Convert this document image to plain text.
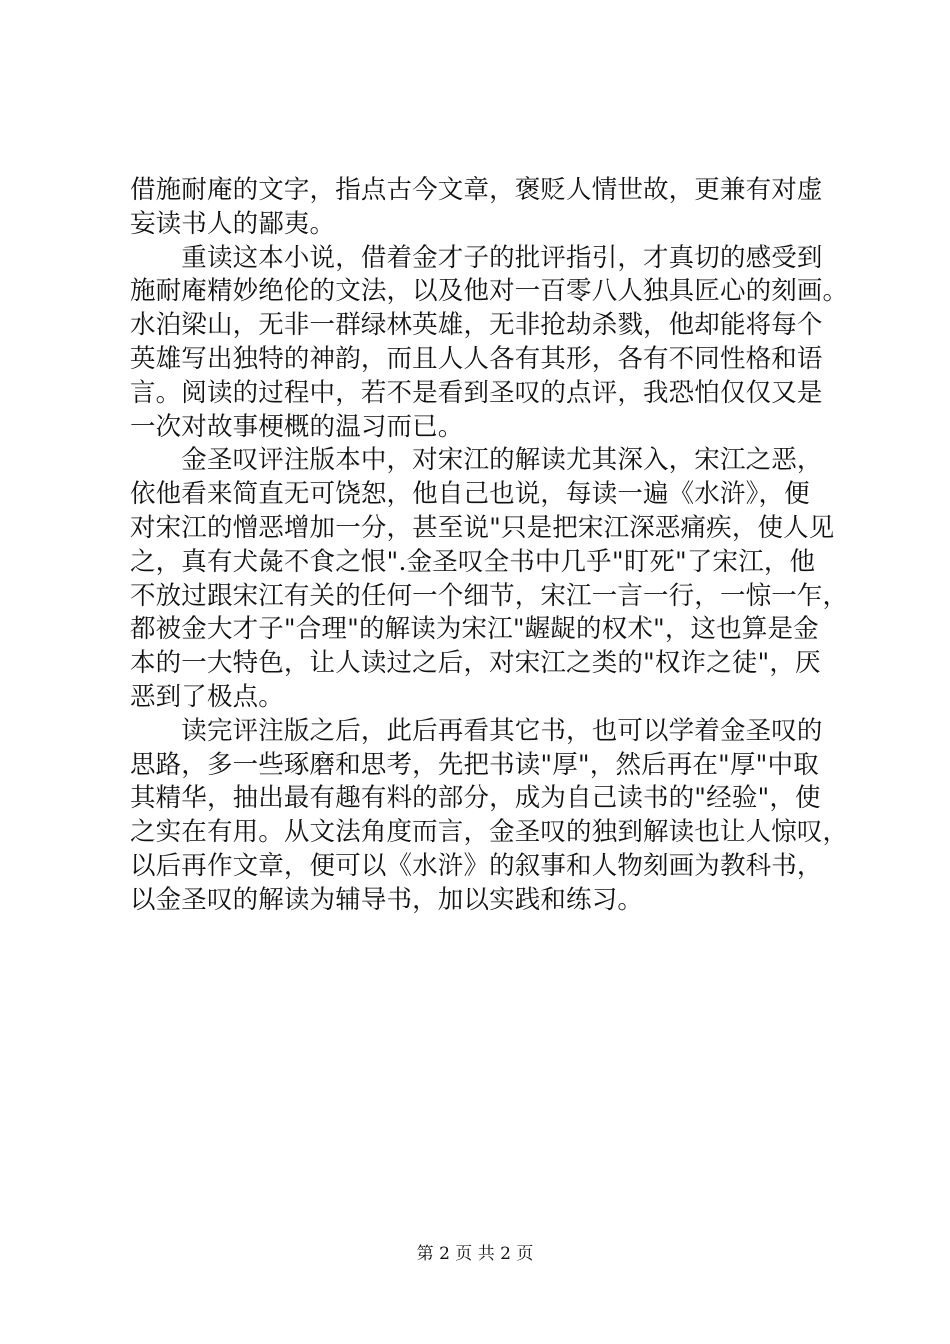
借施耐庵的文字，指点古今文章，褒贬人情世故，更兼有对虚
妄读书人的鄙夷。
　　重读这本小说，借着金才子的批评指引，才真切的感受到
施耐庵精妙绝伦的文法，以及他对一百零八人独具匠心的刻画。
水泊梁山，无非一群绿林英雄，无非抢劫杀戮，他却能将每个
英雄写出独特的神韵，而且人人各有其形，各有不同性格和语
言。阅读的过程中，若不是看到圣叹的点评，我恐怕仅仅又是
一次对故事梗概的温习而已。
　　金圣叹评注版本中，对宋江的解读尤其深入，宋江之恶，
依他看来简直无可饶恕，他自己也说，每读一遍《水浒》，便
对宋江的憎恶增加一分，甚至说"只是把宋江深恶痛疾，使人见
之，真有犬彘不食之恨".金圣叹全书中几乎"盯死"了宋江，他
不放过跟宋江有关的任何一个细节，宋江一言一行，一惊一乍，
都被金大才子"合理"的解读为宋江"龌龊的权术"，这也算是金
本的一大特色，让人读过之后，对宋江之类的"权诈之徒"，厌
恶到了极点。
　　读完评注版之后，此后再看其它书，也可以学着金圣叹的
思路，多一些琢磨和思考，先把书读"厚"，然后再在"厚"中取
其精华，抽出最有趣有料的部分，成为自己读书的"经验"，使
之实在有用。从文法角度而言，金圣叹的独到解读也让人惊叹，
以后再作文章，便可以《水浒》的叙事和人物刻画为教科书，
以金圣叹的解读为辅导书，加以实践和练习。
第 2 页 共 2 页
